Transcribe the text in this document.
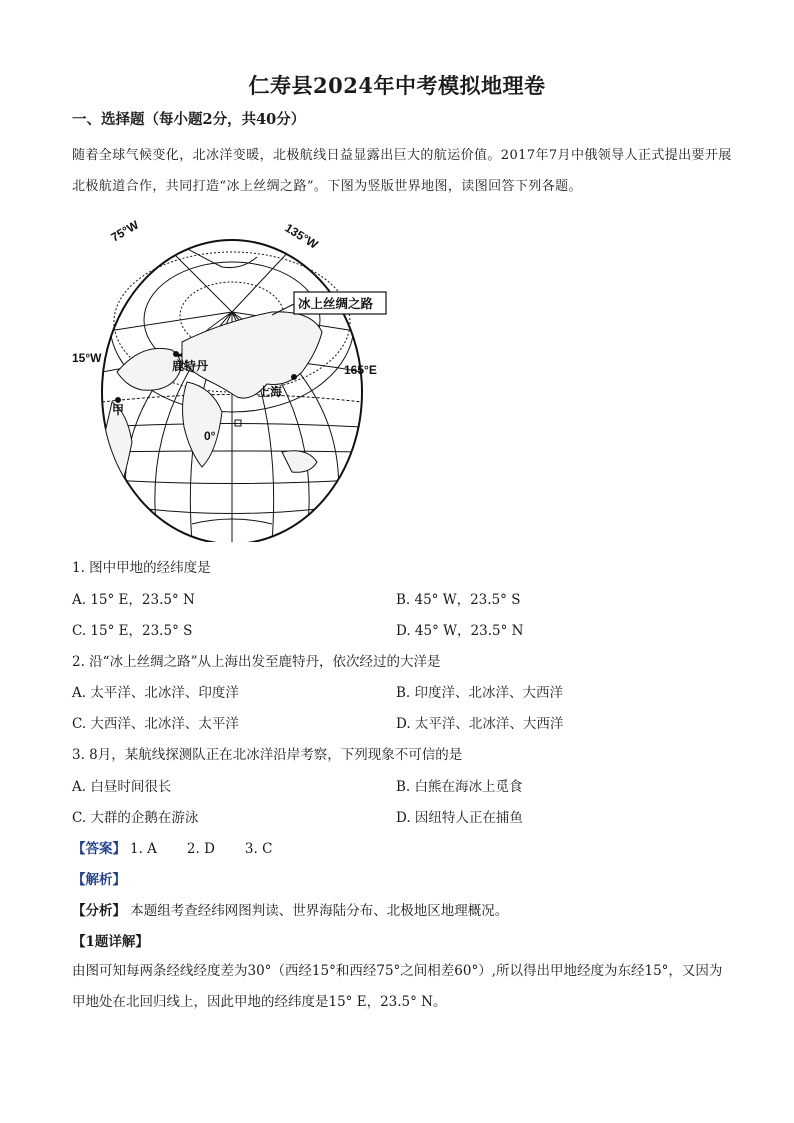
仁寿县2024年中考模拟地理卷
一、选择题（每小题2分，共40分）
随着全球气候变化，北冰洋变暖，北极航线日益显露出巨大的航运价值。2017年7月中俄领导人正式提出要开展北极航道合作，共同打造“冰上丝绸之路”。下图为竖版世界地图，读图回答下列各题。
75°W	135°W
15°W
165°E
0°
冰上丝绸之路
鹿特丹
上海
甲
1. 图中甲地的经纬度是
A. 15° E，23.5° N	B. 45° W，23.5° S
C. 15° E，23.5° S	D. 45° W，23.5° N
2. 沿“冰上丝绸之路”从上海出发至鹿特丹，依次经过的大洋是
A. 太平洋、北冰洋、印度洋	B. 印度洋、北冰洋、大西洋
C. 大西洋、北冰洋、太平洋	D. 太平洋、北冰洋、大西洋
3. 8月，某航线探测队正在北冰洋沿岸考察，下列现象不可信的是
A. 白昼时间很长	B. 白熊在海冰上觅食
C. 大群的企鹅在游泳	D. 因纽特人正在捕鱼
【答案】 1. A 2. D 3. C
【解析】
【分析】 本题组考查经纬网图判读、世界海陆分布、北极地区地理概况。
【1题详解】
由图可知每两条经线经度差为30°（西经15°和西经75°之间相差60°）,所以得出甲地经度为东经15°，又因为甲地处在北回归线上，因此甲地的经纬度是15° E，23.5° N。
